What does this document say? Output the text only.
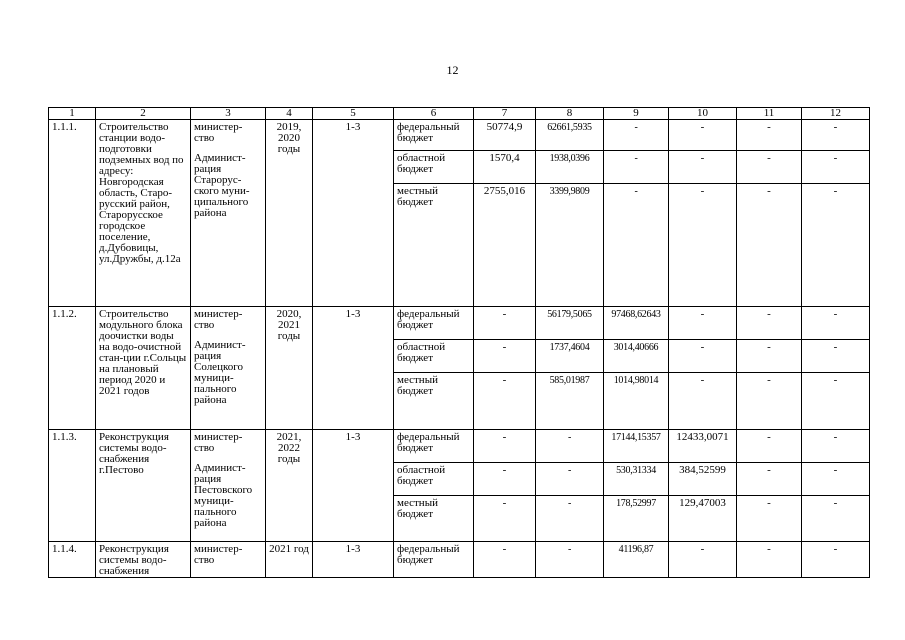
12
1	2	3	4	5	6	7	8	9	10	11	12
1.1.1.	Строительство станции водо-подготовки подземных вод по адресу: Новгородская область, Старо-русский район, Старорусское городское поселение, д.Дубовицы, ул.Дружбы, д.12а	министер-ство
Админист-рация Старорус-ского муни-ципального района	2019, 2020 годы	1-3	федеральный бюджет	50774,9	62661,5935	-	-	-	-
					областной бюджет	1570,4	1938,0396	-	-	-	-
					местный бюджет	2755,016	3399,9809	-	-	-	-
1.1.2.	Строительство модульного блока доочистки воды на водо-очистной стан-ции г.Сольцы на плановый период 2020 и 2021 годов	министер-ство
Админист-рация Солецкого муници-пального района	2020, 2021 годы	1-3	федеральный бюджет	-	56179,5065	97468,62643	-	-	-
					областной бюджет	-	1737,4604	3014,40666	-	-	-
					местный бюджет	-	585,01987	1014,98014	-	-	-
1.1.3.	Реконструкция системы водо-снабжения г.Пестово	министер-ство
Админист-рация Пестовского муници-пального района	2021, 2022 годы	1-3	федеральный бюджет	-	-	17144,15357	12433,0071	-	-
					областной бюджет	-	-	530,31334	384,52599	-	-
					местный бюджет	-	-	178,52997	129,47003	-	-
1.1.4.	Реконструкция системы водо-снабжения	министер-ство	2021 год	1-3	федеральный бюджет	-	-	41196,87	-	-	-
